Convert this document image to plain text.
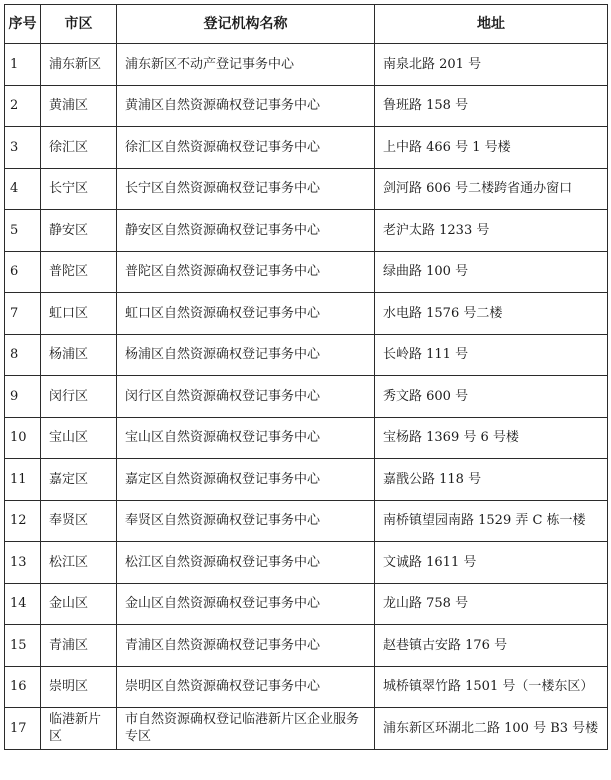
序号	市区	登记机构名称	地址
1	浦东新区	浦东新区不动产登记事务中心	南泉北路 201 号
2	黄浦区	黄浦区自然资源确权登记事务中心	鲁班路 158 号
3	徐汇区	徐汇区自然资源确权登记事务中心	上中路 466 号 1 号楼
4	长宁区	长宁区自然资源确权登记事务中心	剑河路 606 号二楼跨省通办窗口
5	静安区	静安区自然资源确权登记事务中心	老沪太路 1233 号
6	普陀区	普陀区自然资源确权登记事务中心	绿曲路 100 号
7	虹口区	虹口区自然资源确权登记事务中心	水电路 1576 号二楼
8	杨浦区	杨浦区自然资源确权登记事务中心	长岭路 111 号
9	闵行区	闵行区自然资源确权登记事务中心	秀文路 600 号
10	宝山区	宝山区自然资源确权登记事务中心	宝杨路 1369 号 6 号楼
11	嘉定区	嘉定区自然资源确权登记事务中心	嘉戬公路 118 号
12	奉贤区	奉贤区自然资源确权登记事务中心	南桥镇望园南路 1529 弄 C 栋一楼
13	松江区	松江区自然资源确权登记事务中心	文诚路 1611 号
14	金山区	金山区自然资源确权登记事务中心	龙山路 758 号
15	青浦区	青浦区自然资源确权登记事务中心	赵巷镇古安路 176 号
16	崇明区	崇明区自然资源确权登记事务中心	城桥镇翠竹路 1501 号（一楼东区）
17	临港新片区	市自然资源确权登记临港新片区企业服务专区	浦东新区环湖北二路 100 号 B3 号楼
